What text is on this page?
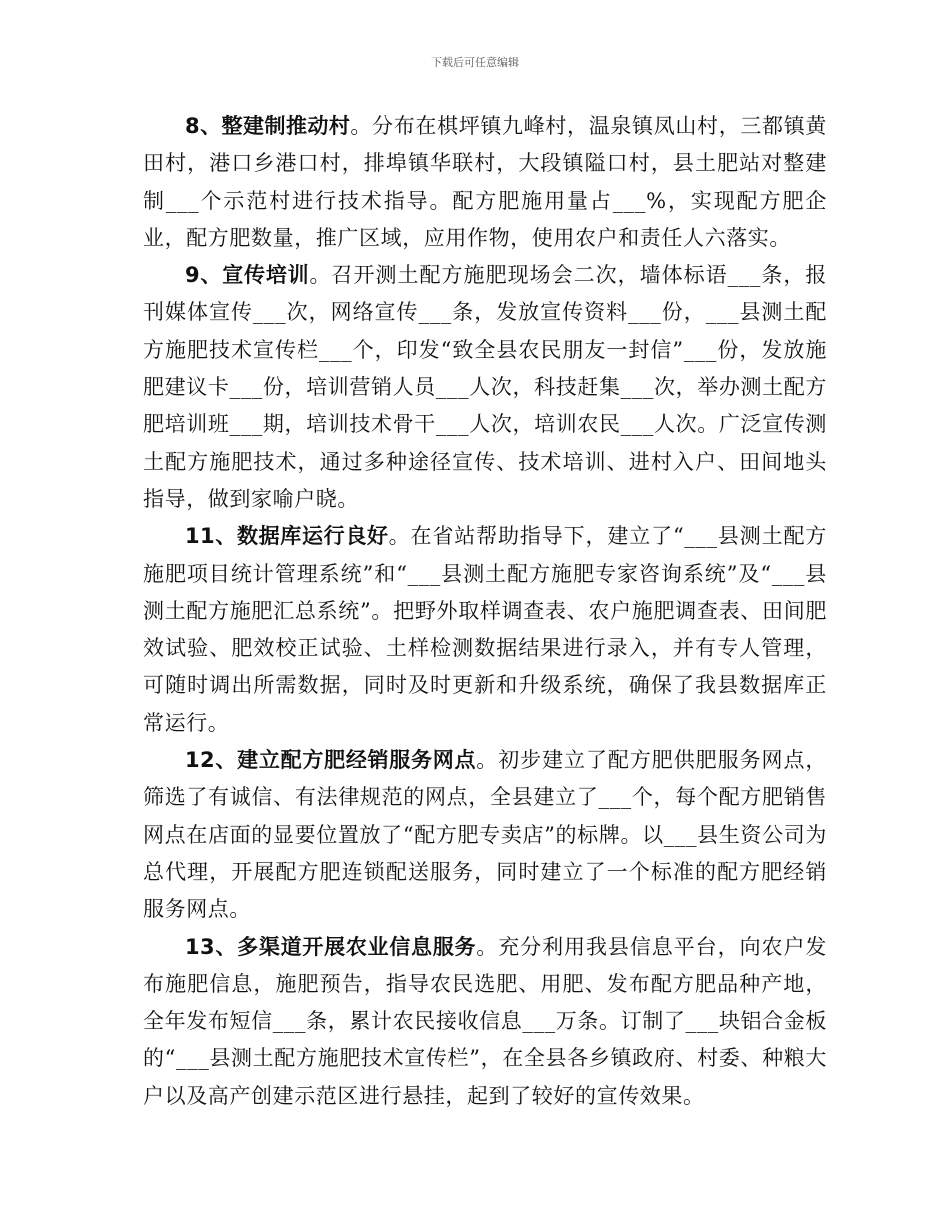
下载后可任意编辑

8、整建制推动村。分布在棋坪镇九峰村，温泉镇凤山村，三都镇黄田村，港口乡港口村，排埠镇华联村，大段镇隘口村，县土肥站对整建制___个示范村进行技术指导。配方肥施用量占___%，实现配方肥企业，配方肥数量，推广区域，应用作物，使用农户和责任人六落实。

9、宣传培训。召开测土配方施肥现场会二次，墙体标语___条，报刊媒体宣传___次，网络宣传___条，发放宣传资料___份，___县测土配方施肥技术宣传栏___个，印发“致全县农民朋友一封信”___份，发放施肥建议卡___份，培训营销人员___人次，科技赶集___次，举办测土配方肥培训班___期，培训技术骨干___人次，培训农民___人次。广泛宣传测土配方施肥技术，通过多种途径宣传、技术培训、进村入户、田间地头指导，做到家喻户晓。

11、数据库运行良好。在省站帮助指导下，建立了“___县测土配方施肥项目统计管理系统”和“___县测土配方施肥专家咨询系统”及“___县测土配方施肥汇总系统”。把野外取样调查表、农户施肥调查表、田间肥效试验、肥效校正试验、土样检测数据结果进行录入，并有专人管理，可随时调出所需数据，同时及时更新和升级系统，确保了我县数据库正常运行。

12、建立配方肥经销服务网点。初步建立了配方肥供肥服务网点，筛选了有诚信、有法律规范的网点，全县建立了___个，每个配方肥销售网点在店面的显要位置放了“配方肥专卖店”的标牌。以___县生资公司为总代理，开展配方肥连锁配送服务，同时建立了一个标准的配方肥经销服务网点。

13、多渠道开展农业信息服务。充分利用我县信息平台，向农户发布施肥信息，施肥预告，指导农民选肥、用肥、发布配方肥品种产地，全年发布短信___条，累计农民接收信息___万条。订制了___块铝合金板的“___县测土配方施肥技术宣传栏”，在全县各乡镇政府、村委、种粮大户以及高产创建示范区进行悬挂，起到了较好的宣传效果。
